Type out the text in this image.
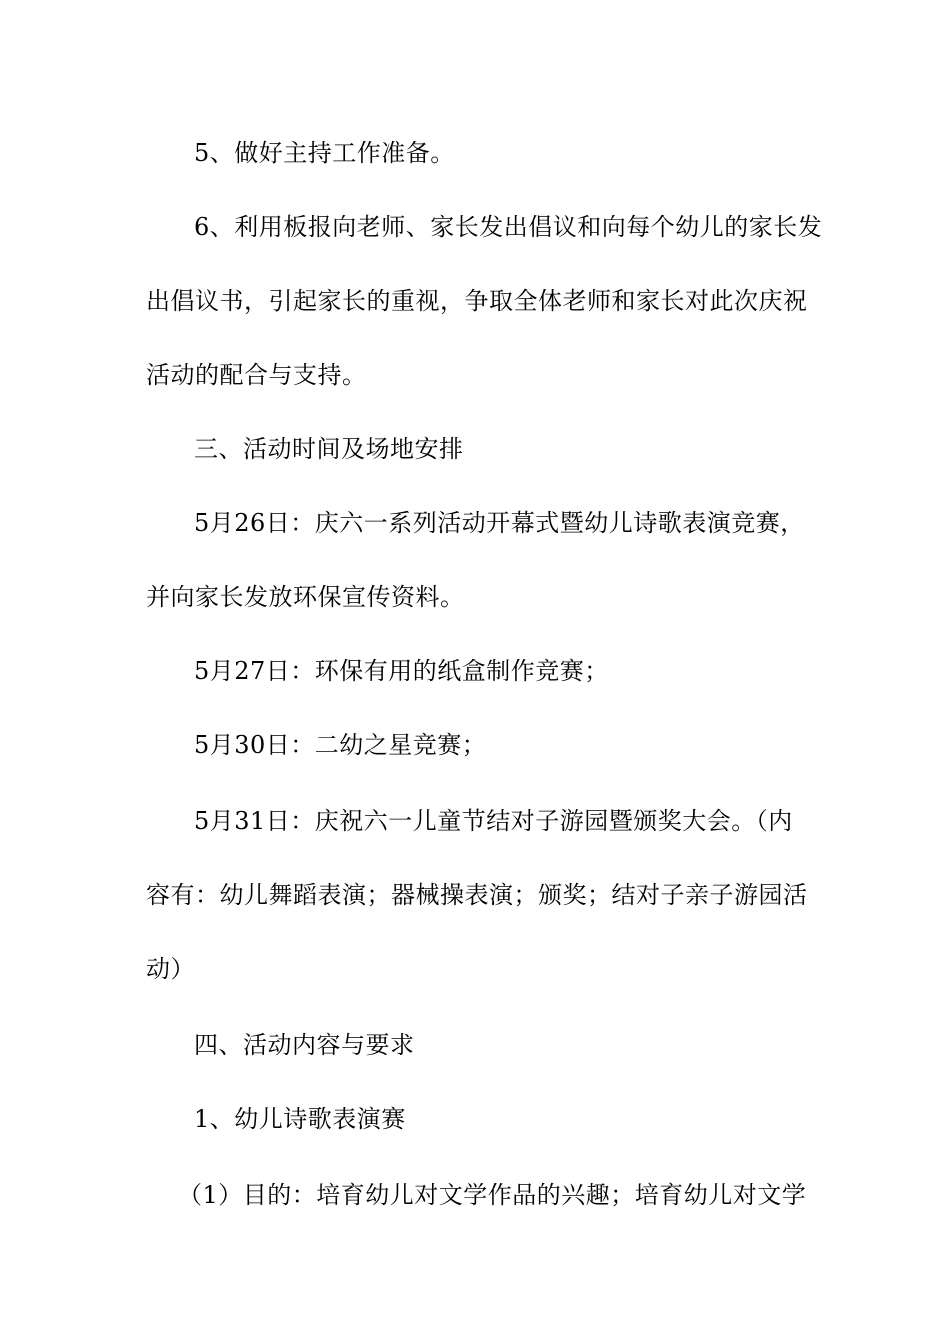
5、做好主持工作准备。
6、利用板报向老师、家长发出倡议和向每个幼儿的家长发
出倡议书，引起家长的重视，争取全体老师和家长对此次庆祝
活动的配合与支持。
三、活动时间及场地安排
5月26日：庆六一系列活动开幕式暨幼儿诗歌表演竞赛，
并向家长发放环保宣传资料。
5月27日：环保有用的纸盒制作竞赛；
5月30日：二幼之星竞赛；
5月31日：庆祝六一儿童节结对子游园暨颁奖大会。（内
容有：幼儿舞蹈表演；器械操表演；颁奖；结对子亲子游园活
动）
四、活动内容与要求
1、幼儿诗歌表演赛
（1）目的：培育幼儿对文学作品的兴趣；培育幼儿对文学
